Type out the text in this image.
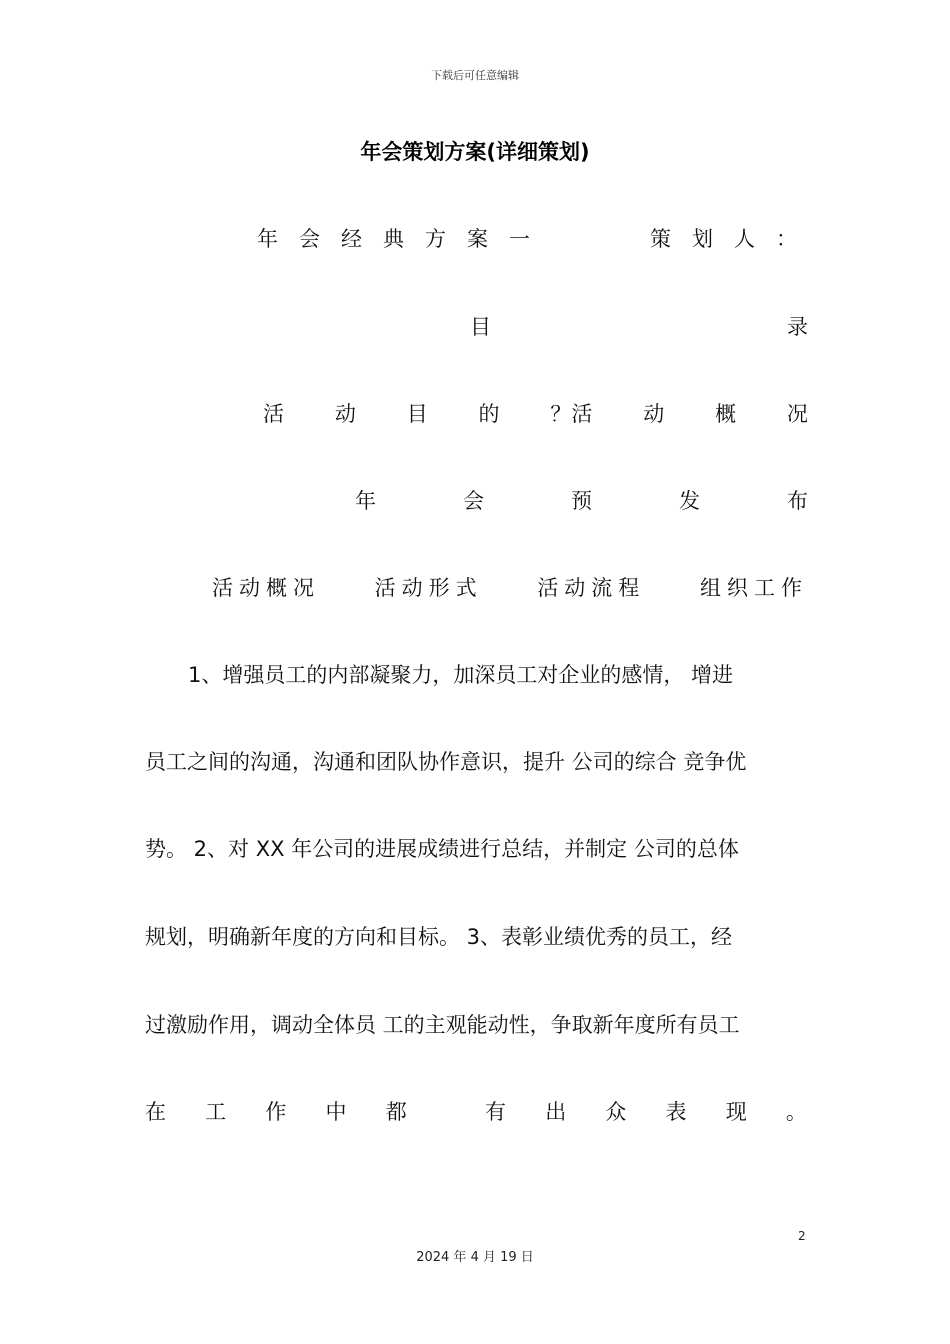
下载后可任意编辑
年会策划方案(详细策划)
年会经典方案一	策划人：
目	录
活 动 目 的 ？活 动 概 况
年	会	预	发	布
活动概况	活动形式	活动流程	组织工作
1、增强员工的内部凝聚力，加深员工对企业的感情， 增进
员工之间的沟通，沟通和团队协作意识，提升 公司的综合 竞争优
势。 2、对 XX 年公司的进展成绩进行总结，并制定 公司的总体
规划，明确新年度的方向和目标。 3、表彰业绩优秀的员工，经
过激励作用，调动全体员 工的主观能动性，争取新年度所有员工
在 工 作 中 都	有 出 众 表 现 。
2
2024 年 4 月 19 日
